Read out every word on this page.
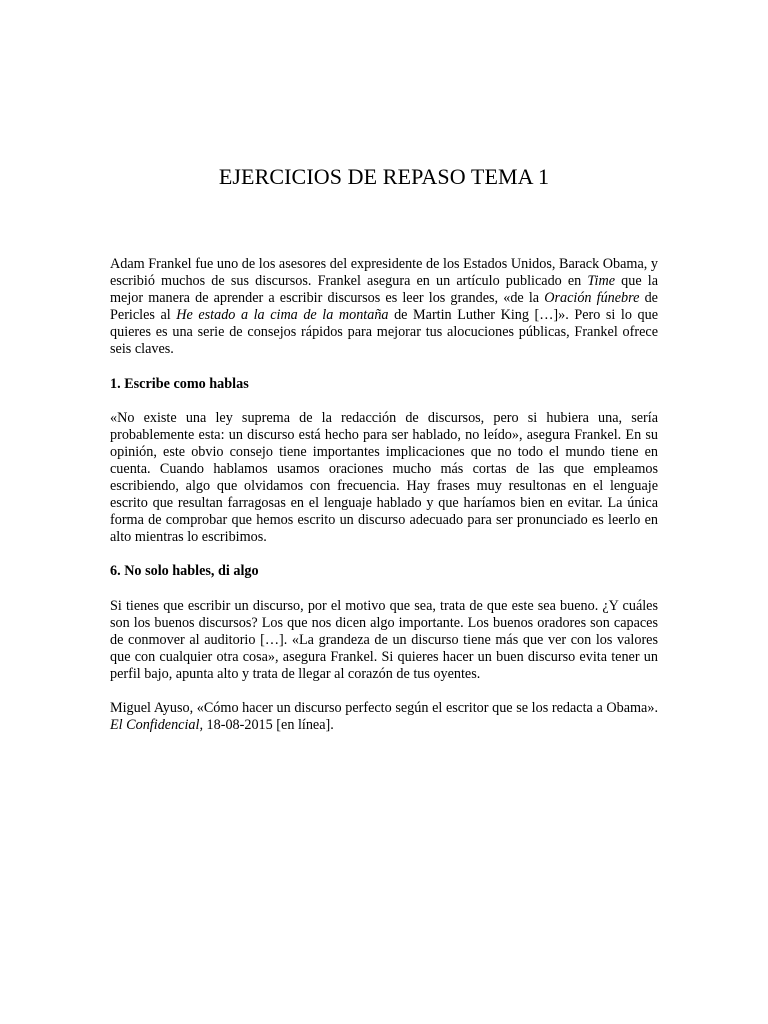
EJERCICIOS DE REPASO TEMA 1

Adam Frankel fue uno de los asesores del expresidente de los Estados Unidos, Barack Obama, y escribió muchos de sus discursos. Frankel asegura en un artículo publicado en Time que la mejor manera de aprender a escribir discursos es leer los grandes, «de la Oración fúnebre de Pericles al He estado a la cima de la montaña de Martin Luther King […]». Pero si lo que quieres es una serie de consejos rápidos para mejorar tus alocuciones públicas, Frankel ofrece seis claves.

1. Escribe como hablas

«No existe una ley suprema de la redacción de discursos, pero si hubiera una, sería probablemente esta: un discurso está hecho para ser hablado, no leído», asegura Frankel. En su opinión, este obvio consejo tiene importantes implicaciones que no todo el mundo tiene en cuenta. Cuando hablamos usamos oraciones mucho más cortas de las que empleamos escribiendo, algo que olvidamos con frecuencia. Hay frases muy resultonas en el lenguaje escrito que resultan farragosas en el lenguaje hablado y que haríamos bien en evitar. La única forma de comprobar que hemos escrito un discurso adecuado para ser pronunciado es leerlo en alto mientras lo escribimos.

6. No solo hables, di algo

Si tienes que escribir un discurso, por el motivo que sea, trata de que este sea bueno. ¿Y cuáles son los buenos discursos? Los que nos dicen algo importante. Los buenos oradores son capaces de conmover al auditorio […]. «La grandeza de un discurso tiene más que ver con los valores que con cualquier otra cosa», asegura Frankel. Si quieres hacer un buen discurso evita tener un perfil bajo, apunta alto y trata de llegar al corazón de tus oyentes.

Miguel Ayuso, «Cómo hacer un discurso perfecto según el escritor que se los redacta a Obama». El Confidencial, 18-08-2015 [en línea].
